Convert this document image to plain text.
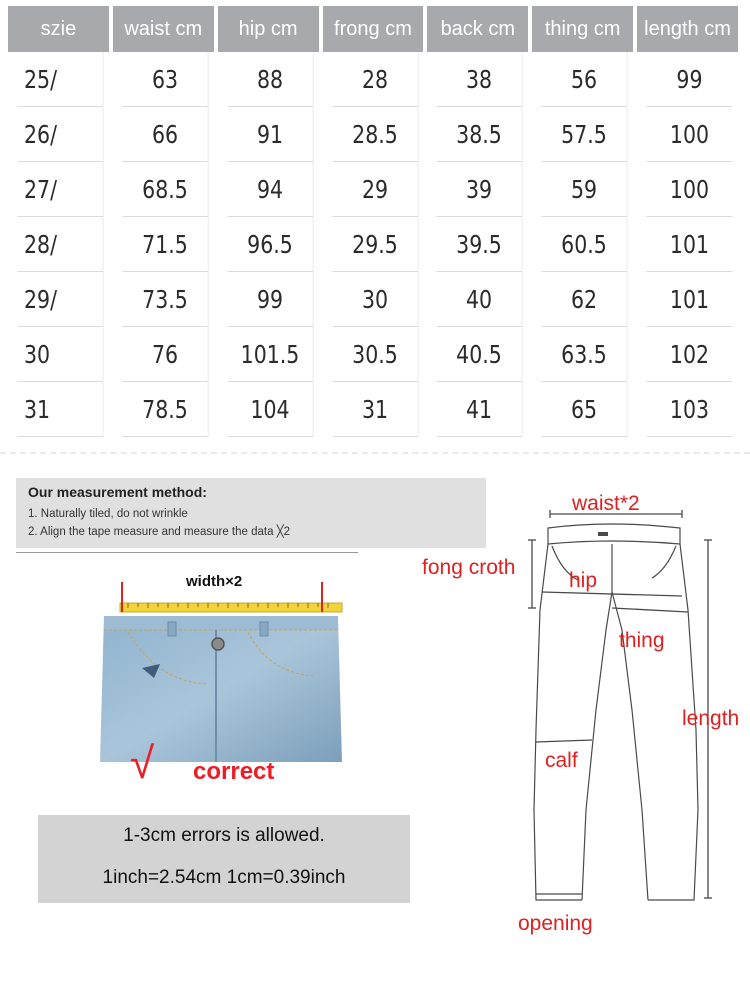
szie	waist cm	hip cm	frong cm	back cm	thing cm	length cm
25/	63	88	28	38	56	99
26/	66	91	28.5	38.5	57.5	100
27/	68.5	94	29	39	59	100
28/	71.5	96.5	29.5	39.5	60.5	101
29/	73.5	99	30	40	62	101
30	76	101.5	30.5	40.5	63.5	102
31	78.5	104	31	41	65	103
Our measurement method:
1. Naturally tiled, do not wrinkle
2. Align the tape measure and measure the data ╳2
width×2
√ correct
1-3cm errors is allowed.
1inch=2.54cm 1cm=0.39inch
waist*2
fong croth
hip
thing
length
calf
opening
